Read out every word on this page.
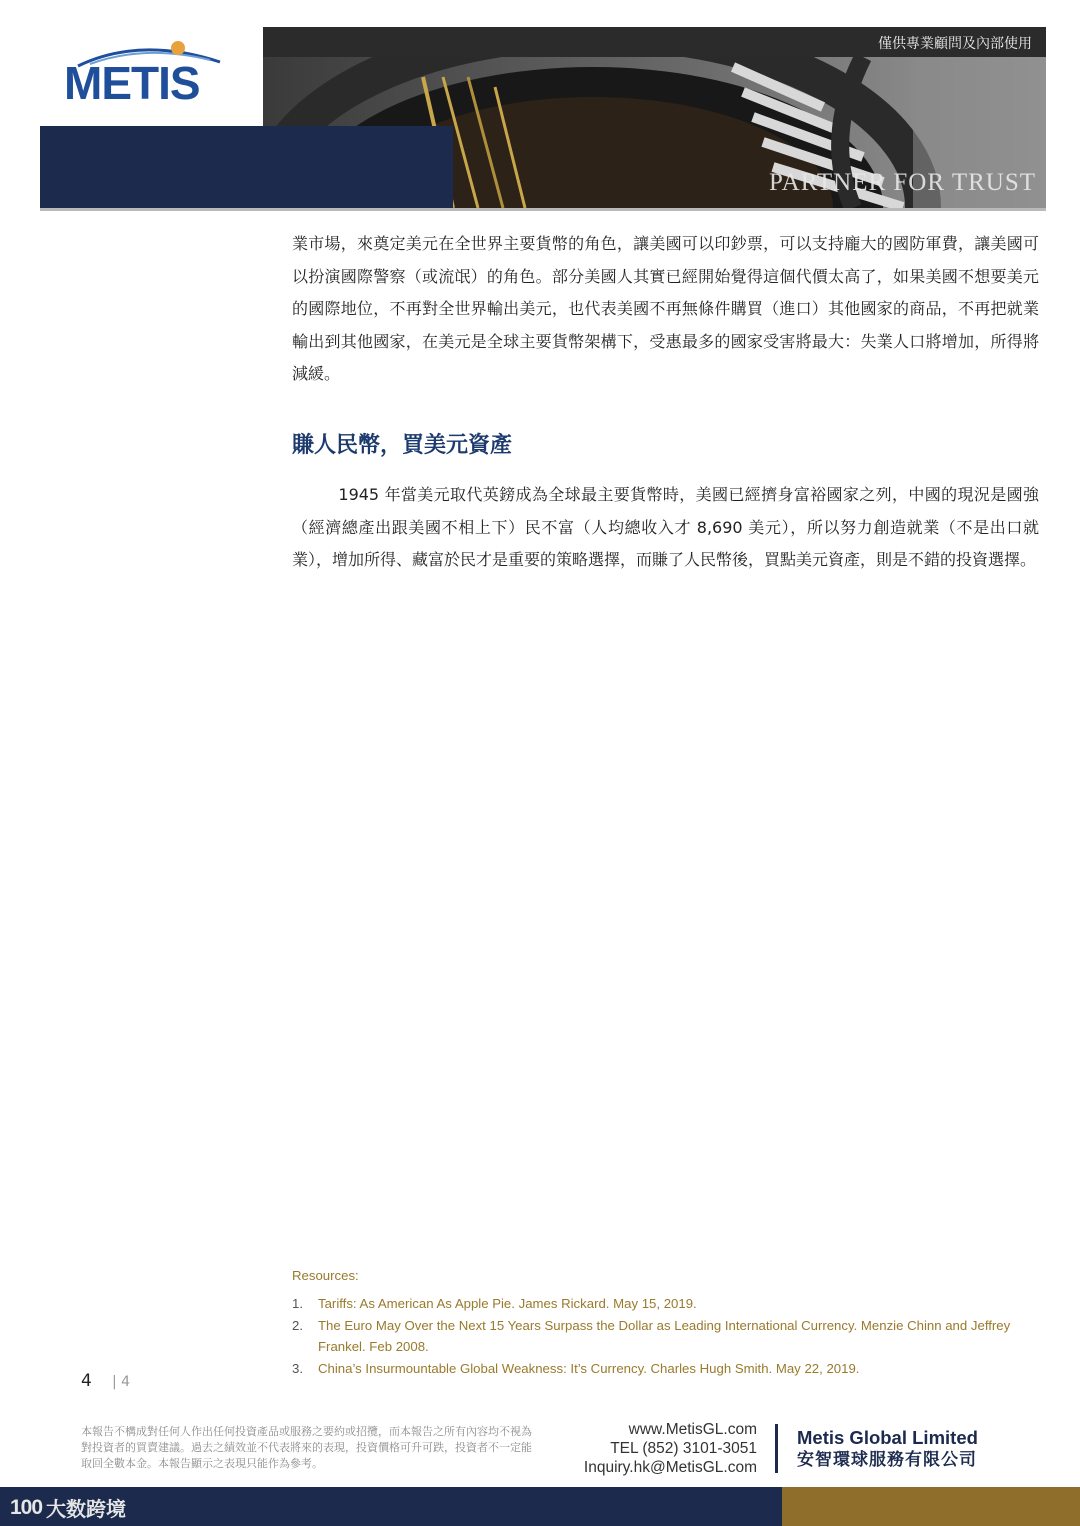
METIS
僅供專業顧問及內部使用
PARTNER FOR TRUST

業市場，來奠定美元在全世界主要貨幣的角色，讓美國可以印鈔票，可以支持龐大的國防軍費，讓美國可以扮演國際警察（或流氓）的角色。部分美國人其實已經開始覺得這個代價太高了，如果美國不想要美元的國際地位，不再對全世界輸出美元，也代表美國不再無條件購買（進口）其他國家的商品，不再把就業輸出到其他國家，在美元是全球主要貨幣架構下，受惠最多的國家受害將最大：失業人口將增加，所得將減緩。

賺人民幣，買美元資產

1945 年當美元取代英鎊成為全球最主要貨幣時，美國已經擠身富裕國家之列，中國的現況是國強（經濟總產出跟美國不相上下）民不富（人均總收入才 8,690 美元），所以努力創造就業（不是出口就業），增加所得、藏富於民才是重要的策略選擇，而賺了人民幣後，買點美元資產，則是不錯的投資選擇。

Resources:
1. Tariffs: As American As Apple Pie. James Rickard. May 15, 2019.
2. The Euro May Over the Next 15 Years Surpass the Dollar as Leading International Currency. Menzie Chinn and Jeffrey Frankel. Feb 2008.
3. China’s Insurmountable Global Weakness: It’s Currency. Charles Hugh Smith. May 22, 2019.
4 | 4
本報告不構成對任何人作出任何投資產品或服務之要約或招攬，而本報告之所有內容均不視為對投資者的買賣建議。過去之績效並不代表將來的表現，投資價格可升可跌，投資者不一定能取回全數本金。本報告顯示之表現只能作為參考。
www.MetisGL.com
TEL (852) 3101-3051
Inquiry.hk@MetisGL.com
Metis Global Limited
安智環球服務有限公司
100 大数跨境
